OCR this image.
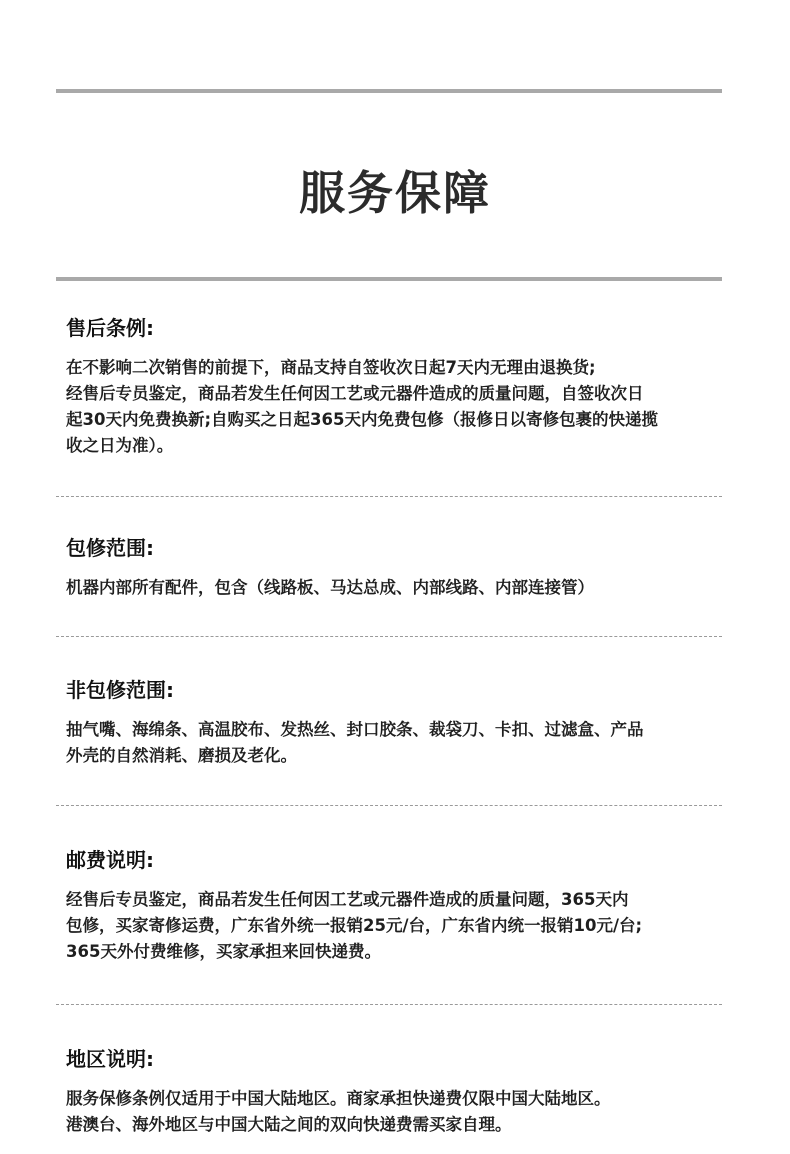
服务保障
售后条例:
在不影响二次销售的前提下，商品支持自签收次日起7天内无理由退换货;
经售后专员鉴定，商品若发生任何因工艺或元器件造成的质量问题，自签收次日
起30天内免费换新;自购买之日起365天内免费包修（报修日以寄修包裹的快递揽
收之日为准）。
包修范围:
机器内部所有配件，包含（线路板、马达总成、内部线路、内部连接管）
非包修范围:
抽气嘴、海绵条、高温胶布、发热丝、封口胶条、裁袋刀、卡扣、过滤盒、产品
外壳的自然消耗、磨损及老化。
邮费说明:
经售后专员鉴定，商品若发生任何因工艺或元器件造成的质量问题，365天内
包修，买家寄修运费，广东省外统一报销25元/台，广东省内统一报销10元/台;
365天外付费维修，买家承担来回快递费。
地区说明:
服务保修条例仅适用于中国大陆地区。商家承担快递费仅限中国大陆地区。
港澳台、海外地区与中国大陆之间的双向快递费需买家自理。
